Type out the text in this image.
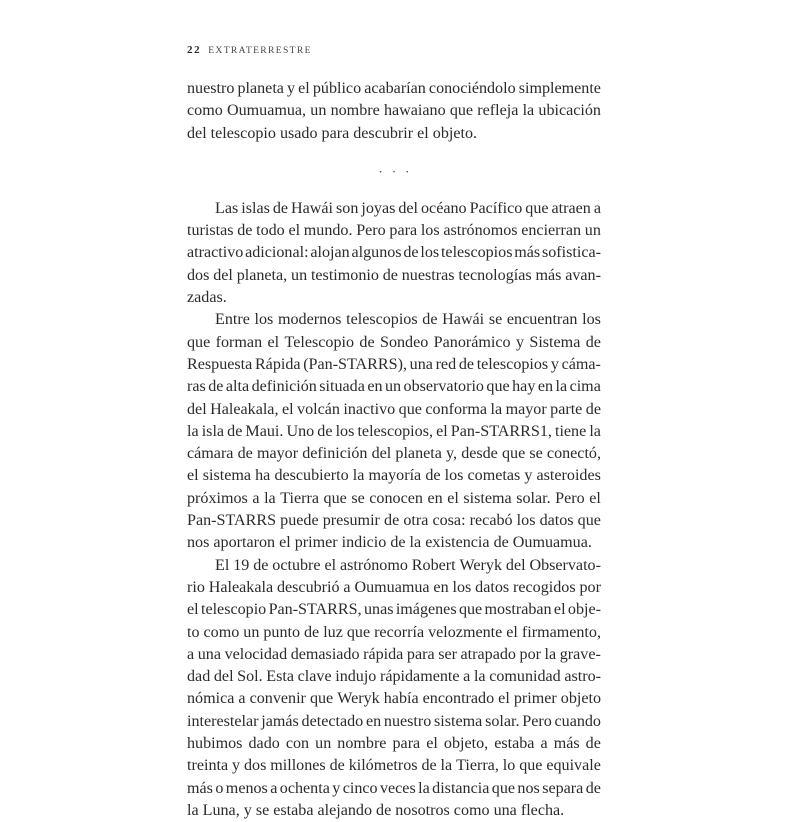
22 EXTRATERRESTRE

nuestro planeta y el público acabarían conociéndolo simplemente
como Oumuamua, un nombre hawaiano que refleja la ubicación
del telescopio usado para descubrir el objeto.

···

Las islas de Hawái son joyas del océano Pacífico que atraen a
turistas de todo el mundo. Pero para los astrónomos encierran un
atractivo adicional: alojan algunos de los telescopios más sofistica-
dos del planeta, un testimonio de nuestras tecnologías más avan-
zadas.

Entre los modernos telescopios de Hawái se encuentran los
que forman el Telescopio de Sondeo Panorámico y Sistema de
Respuesta Rápida (Pan-STARRS), una red de telescopios y cáma-
ras de alta definición situada en un observatorio que hay en la cima
del Haleakala, el volcán inactivo que conforma la mayor parte de
la isla de Maui. Uno de los telescopios, el Pan-STARRS1, tiene la
cámara de mayor definición del planeta y, desde que se conectó,
el sistema ha descubierto la mayoría de los cometas y asteroides
próximos a la Tierra que se conocen en el sistema solar. Pero el
Pan-STARRS puede presumir de otra cosa: recabó los datos que
nos aportaron el primer indicio de la existencia de Oumuamua.

El 19 de octubre el astrónomo Robert Weryk del Observato-
rio Haleakala descubrió a Oumuamua en los datos recogidos por
el telescopio Pan-STARRS, unas imágenes que mostraban el obje-
to como un punto de luz que recorría velozmente el firmamento,
a una velocidad demasiado rápida para ser atrapado por la grave-
dad del Sol. Esta clave indujo rápidamente a la comunidad astro-
nómica a convenir que Weryk había encontrado el primer objeto
interestelar jamás detectado en nuestro sistema solar. Pero cuando
hubimos dado con un nombre para el objeto, estaba a más de
treinta y dos millones de kilómetros de la Tierra, lo que equivale
más o menos a ochenta y cinco veces la distancia que nos separa de
la Luna, y se estaba alejando de nosotros como una flecha.
